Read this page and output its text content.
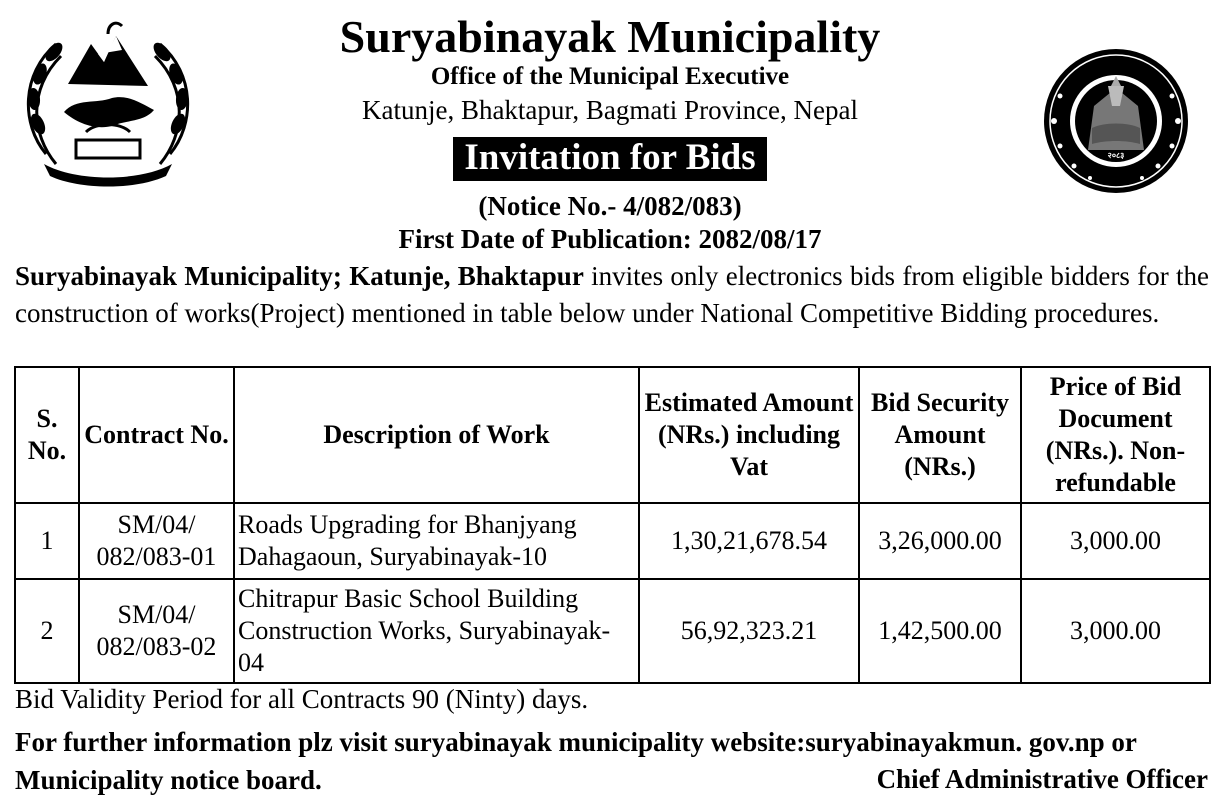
Suryabinayak Municipality
Office of the Municipal Executive
Katunje, Bhaktapur, Bagmati Province, Nepal
Invitation for Bids
(Notice No.- 4/082/083)
First Date of Publication: 2082/08/17
२०८३
Suryabinayak Municipality; Katunje, Bhaktapur invites only electronics bids from eligible bidders for the construction of works(Project) mentioned in table below under National Competitive Bidding procedures.
S. No.	Contract No.	Description of Work	Estimated Amount (NRs.) including Vat	Bid Security Amount (NRs.)	Price of Bid Document (NRs.). Non-refundable
1	SM/04/ 082/083-01	Roads Upgrading for Bhanjyang Dahagaoun, Suryabinayak-10	1,30,21,678.54	3,26,000.00	3,000.00
2	SM/04/ 082/083-02	Chitrapur Basic School Building Construction Works, Suryabinayak-04	56,92,323.21	1,42,500.00	3,000.00
Bid Validity Period for all Contracts 90 (Ninty) days.
For further information plz visit suryabinayak municipality website:suryabinayakmun. gov.np or Municipality notice board.	Chief Administrative Officer
